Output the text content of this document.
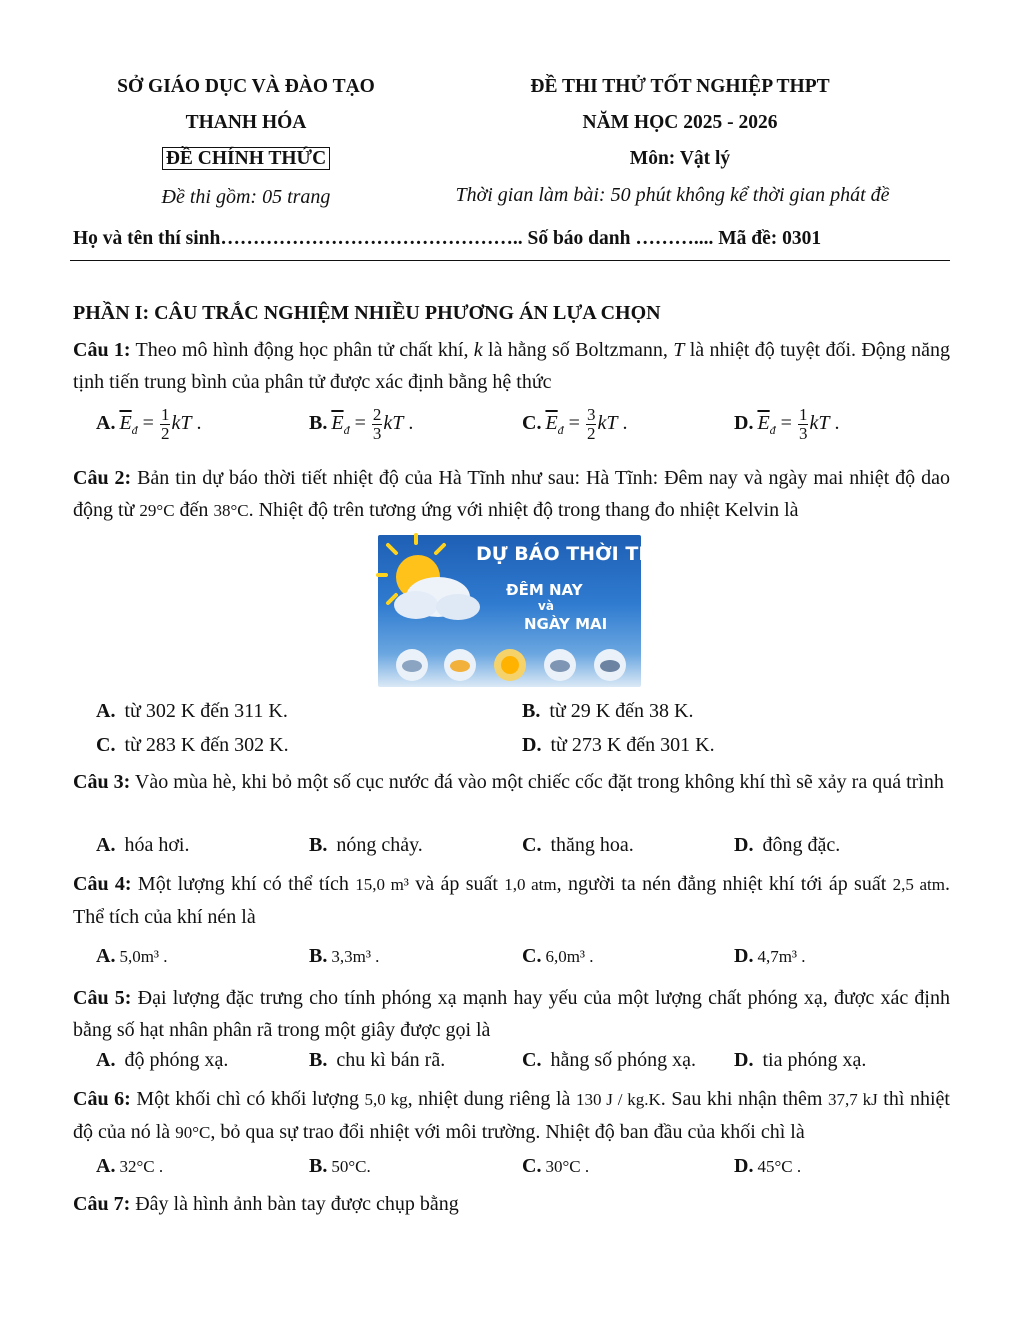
SỞ GIÁO DỤC VÀ ĐÀO TẠO
THANH HÓA
ĐỀ CHÍNH THỨC
Đề thi gồm: 05 trang
ĐỀ THI THỬ TỐT NGHIỆP THPT
NĂM HỌC 2025 - 2026
Môn: Vật lý
Thời gian làm bài: 50 phút không kể thời gian phát đề
Họ và tên thí sinh……………………………………….. Số báo danh ……….... Mã đề: 0301
PHẦN I: CÂU TRẮC NGHIỆM NHIỀU PHƯƠNG ÁN LỰA CHỌN
Câu 1: Theo mô hình động học phân tử chất khí, k là hằng số Boltzmann, T là nhiệt độ tuyệt đối. Động năng tịnh tiến trung bình của phân tử được xác định bằng hệ thức
A. $\overline{E}_đ = \frac{1}{2}$ kT .	B. $\overline{E}_đ = \frac{2}{3}$ kT .	C. $\overline{E}_đ = \frac{3}{2}$ kT .	D. $\overline{E}_đ = \frac{1}{3}$ kT .
Câu 2: Bản tin dự báo thời tiết nhiệt độ của Hà Tĩnh như sau: Hà Tĩnh: Đêm nay và ngày mai nhiệt độ dao động từ 29°C đến 38°C. Nhiệt độ trên tương ứng với nhiệt độ trong thang đo nhiệt Kelvin là
DỰ BÁO THỜI TIẾT
ĐÊM NAY
và
NGÀY MAI
A. từ 302 K đến 311 K.	B. từ 29 K đến 38 K.
C. từ 283 K đến 302 K.	D. từ 273 K đến 301 K.
Câu 3: Vào mùa hè, khi bỏ một số cục nước đá vào một chiếc cốc đặt trong không khí thì sẽ xảy ra quá trình
A. hóa hơi.	B. nóng chảy.	C. thăng hoa.	D. đông đặc.
Câu 4: Một lượng khí có thể tích 15,0 m³ và áp suất 1,0 atm, người ta nén đẳng nhiệt khí tới áp suất 2,5 atm. Thể tích của khí nén là
A. 5,0m³ .	B. 3,3m³ .	C. 6,0m³ .	D. 4,7m³ .
Câu 5: Đại lượng đặc trưng cho tính phóng xạ mạnh hay yếu của một lượng chất phóng xạ, được xác định bằng số hạt nhân phân rã trong một giây được gọi là
A. độ phóng xạ.	B. chu kì bán rã.	C. hằng số phóng xạ. D. tia phóng xạ.
Câu 6: Một khối chì có khối lượng 5,0 kg, nhiệt dung riêng là 130 J / kg.K. Sau khi nhận thêm 37,7 kJ thì nhiệt độ của nó là 90°C, bỏ qua sự trao đổi nhiệt với môi trường. Nhiệt độ ban đầu của khối chì là
A. 32°C .	B. 50°C.	C. 30°C .	D. 45°C .
Câu 7: Đây là hình ảnh bàn tay được chụp bằng
